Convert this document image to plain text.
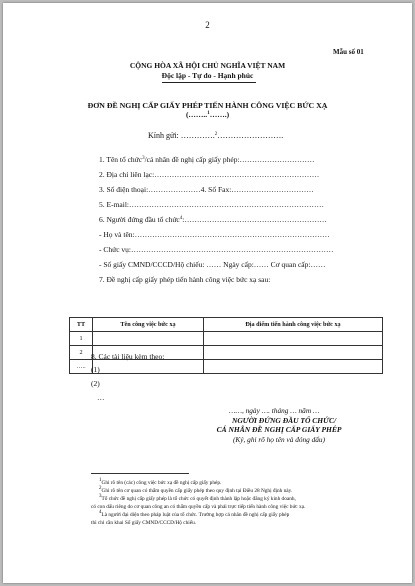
2
Mẫu số 01
CỘNG HÒA XÃ HỘI CHỦ NGHĨA VIỆT NAM
Độc lập - Tự do - Hạnh phúc
ĐƠN ĐỀ NGHỊ CẤP GIẤY PHÉP TIẾN HÀNH CÔNG VIỆC BỨC XẠ
(……..$^1$…….)
Kính gửi: ………….$^2$…………………….
1. Tên tổ chức$^3$/cá nhân đề nghị cấp giấy phép:…………………………
2. Địa chỉ liên lạc:…………………………………………………………
3. Số điện thoại:…………………4. Số Fax:……………………………
5. E-mail:……………………………………………………………………
6. Người đứng đầu tổ chức$^4$:…………………………………………………
- Họ và tên:……………………………………………………………………
- Chức vụ:………………………………………………………………………
- Số giấy CMND/CCCD/Hộ chiếu: …… Ngày cấp:…… Cơ quan cấp:……
7. Đề nghị cấp giấy phép tiến hành công việc bức xạ sau:
TT	Tên công việc bức xạ	Địa điểm tiến hành công việc bức xạ
1		
2		
…..		
8. Các tài liệu kèm theo:
(1)
(2)
…
……, ngày …. tháng … năm …
NGƯỜI ĐỨNG ĐẦU TỔ CHỨC/
CÁ NHÂN ĐỀ NGHỊ CẤP GIẤY PHÉP
(Ký, ghi rõ họ tên và đóng dấu)
$^1$Ghi rõ tên (các) công việc bức xạ đề nghị cấp giấy phép.
$^2$Ghi rõ tên cơ quan có thẩm quyền cấp giấy phép theo quy định tại Điều 28 Nghị định này.
$^3$Tổ chức đề nghị cấp giấy phép là tổ chức có quyết định thành lập hoặc đăng ký kinh doanh,
có con dấu riêng do cơ quan công an có thẩm quyền cấp và phải trực tiếp tiến hành công việc bức xạ.
$^4$Là người đại diện theo pháp luật của tổ chức. Trường hợp cá nhân đề nghị cấp giấy phép
thì chỉ cần khai Số giấy CMND/CCCD/Hộ chiếu.
